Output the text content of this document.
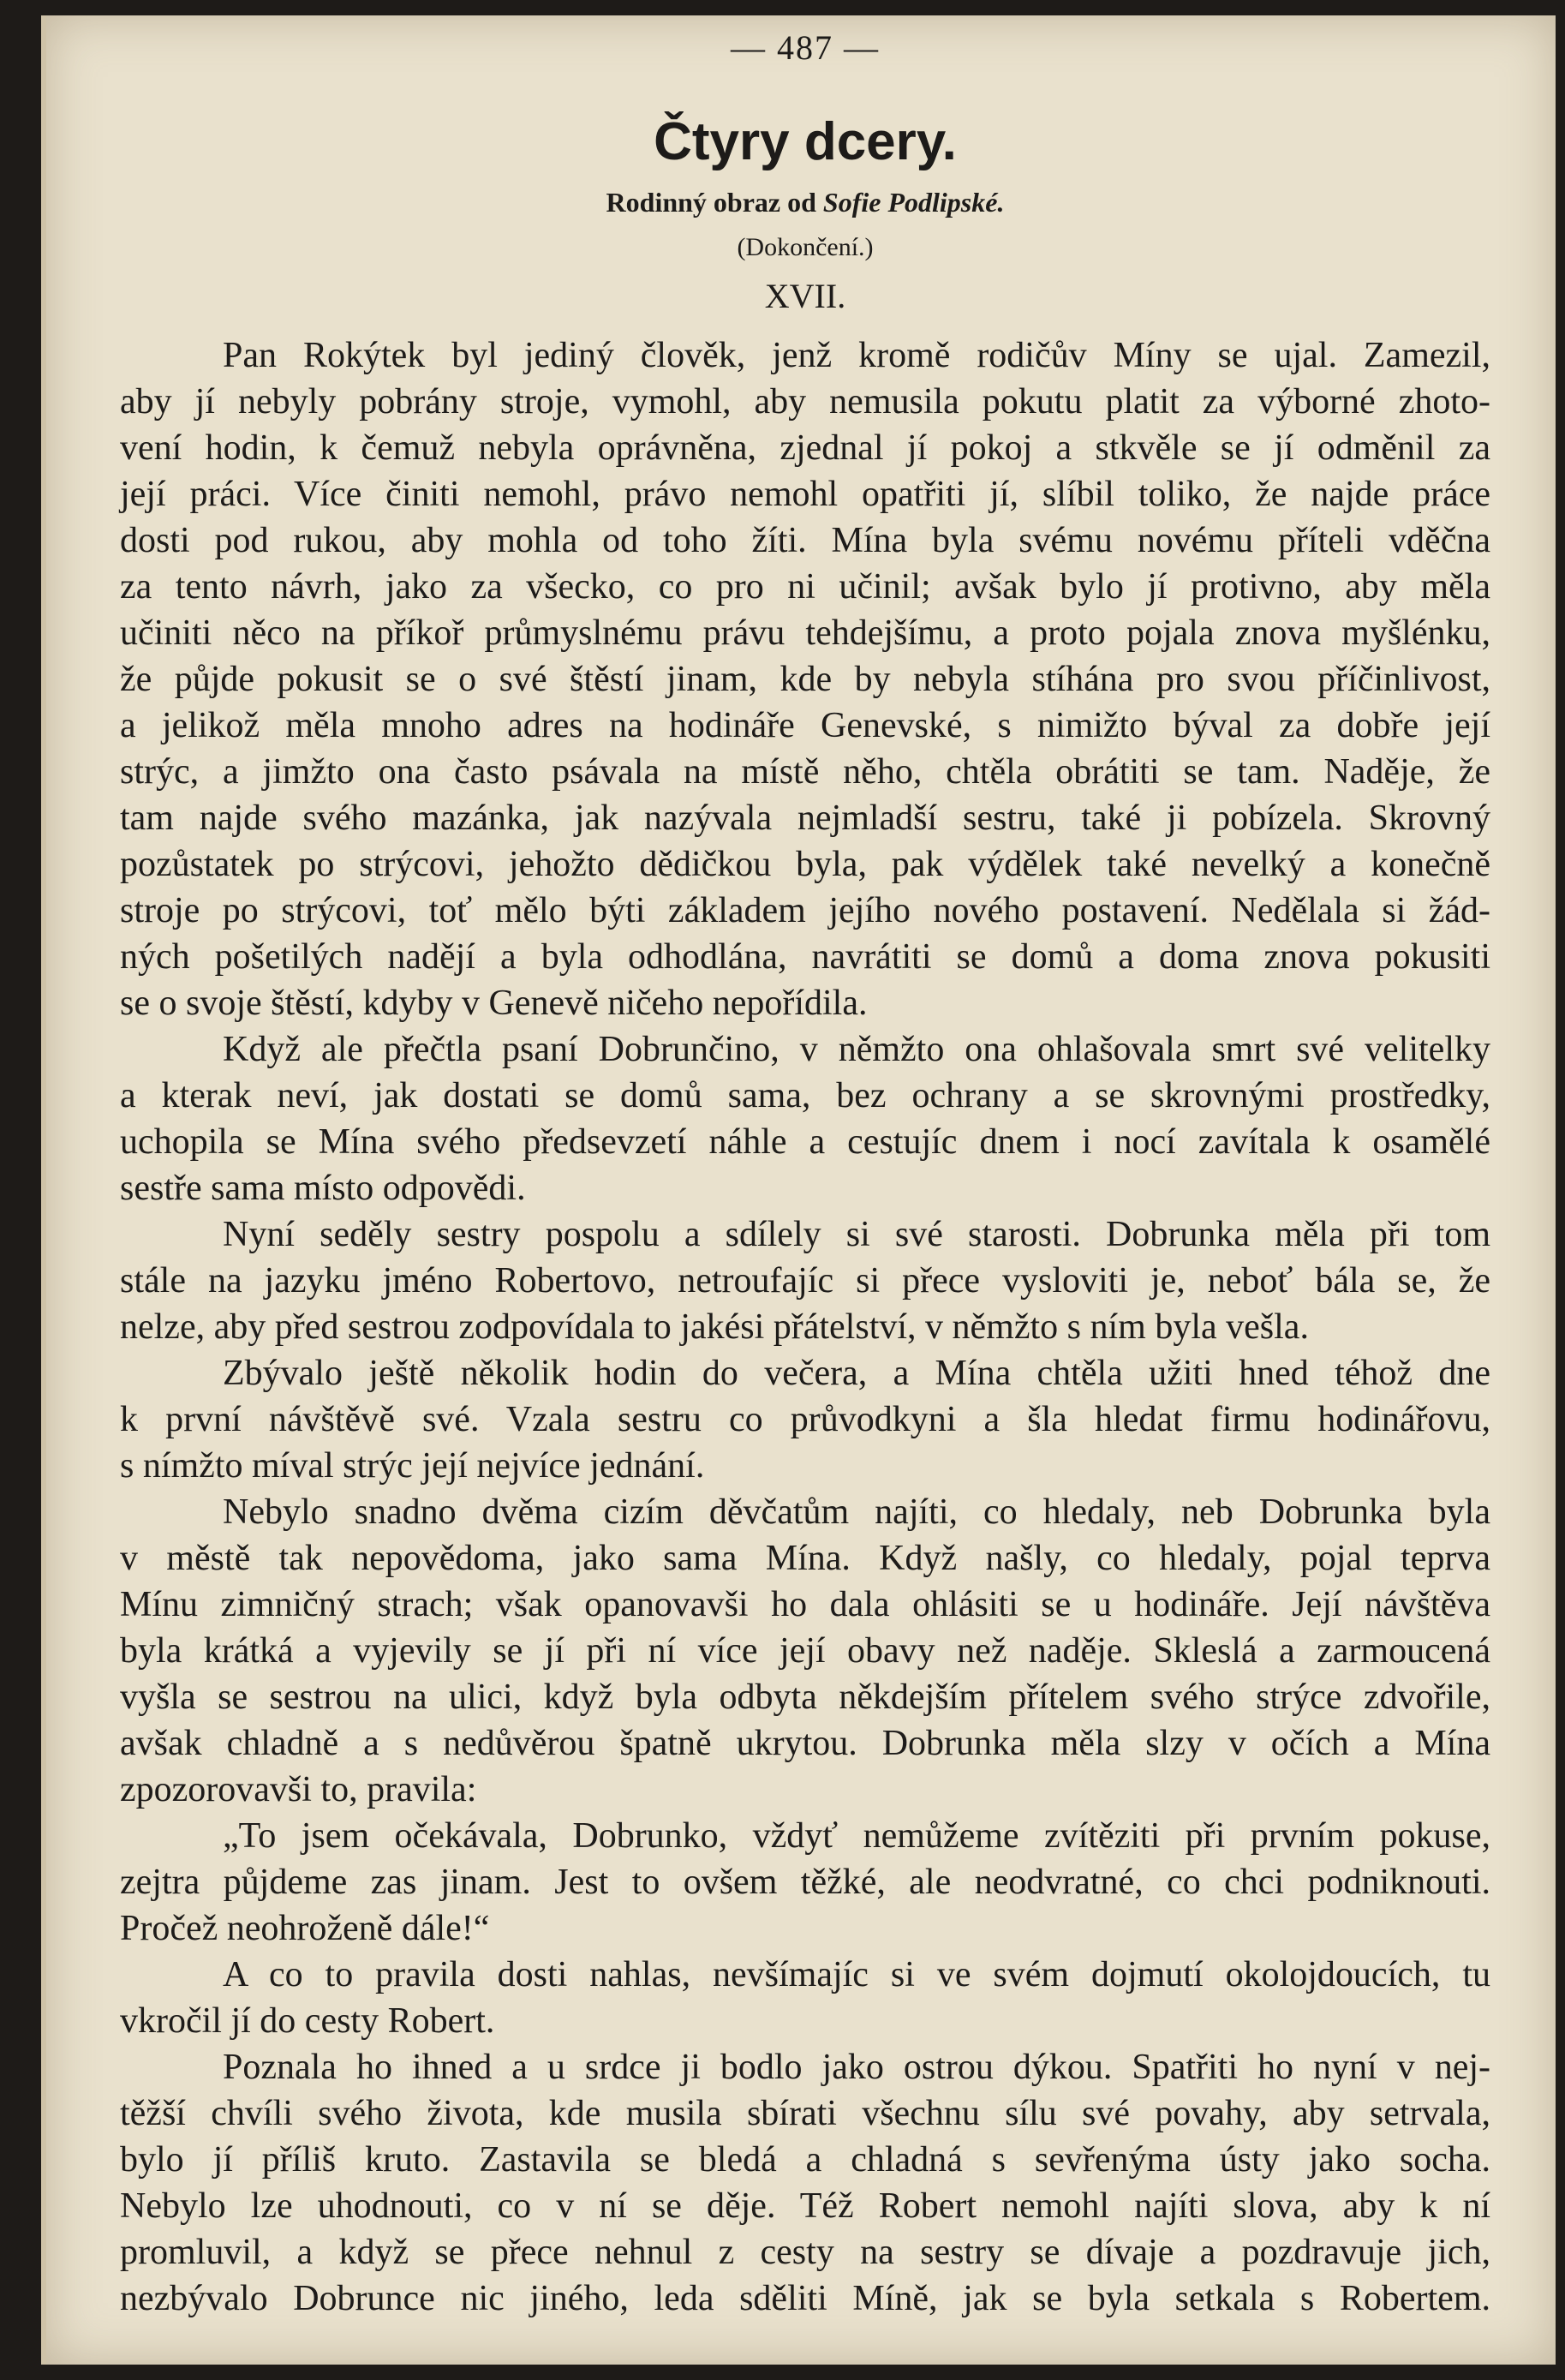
— 487 —
Čtyry dcery.
Rodinný obraz od Sofie Podlipské.
(Dokončení.)
XVII.
Pan Rokýtek byl jediný člověk, jenž kromě rodičův Míny se ujal. Zamezil,
aby jí nebyly pobrány stroje, vymohl, aby nemusila pokutu platit za výborné zhoto-
vení hodin, k čemuž nebyla oprávněna, zjednal jí pokoj a stkvěle se jí odměnil za
její práci. Více činiti nemohl, právo nemohl opatřiti jí, slíbil toliko, že najde práce
dosti pod rukou, aby mohla od toho žíti. Mína byla svému novému příteli vděčna
za tento návrh, jako za všecko, co pro ni učinil; avšak bylo jí protivno, aby měla
učiniti něco na příkoř průmyslnému právu tehdejšímu, a proto pojala znova myšlénku,
že půjde pokusit se o své štěstí jinam, kde by nebyla stíhána pro svou příčinlivost,
a jelikož měla mnoho adres na hodináře Genevské, s nimižto býval za dobře její
strýc, a jimžto ona často psávala na místě něho, chtěla obrátiti se tam. Naděje, že
tam najde svého mazánka, jak nazývala nejmladší sestru, také ji pobízela. Skrovný
pozůstatek po strýcovi, jehožto dědičkou byla, pak výdělek také nevelký a konečně
stroje po strýcovi, toť mělo býti základem jejího nového postavení. Nedělala si žád-
ných pošetilých nadějí a byla odhodlána, navrátiti se domů a doma znova pokusiti
se o svoje štěstí, kdyby v Genevě ničeho nepořídila.
Když ale přečtla psaní Dobrunčino, v němžto ona ohlašovala smrt své velitelky
a kterak neví, jak dostati se domů sama, bez ochrany a se skrovnými prostředky,
uchopila se Mína svého předsevzetí náhle a cestujíc dnem i nocí zavítala k osamělé
sestře sama místo odpovědi.
Nyní seděly sestry pospolu a sdílely si své starosti. Dobrunka měla při tom
stále na jazyku jméno Robertovo, netroufajíc si přece vysloviti je, neboť bála se, že
nelze, aby před sestrou zodpovídala to jakési přátelství, v němžto s ním byla vešla.
Zbývalo ještě několik hodin do večera, a Mína chtěla užiti hned téhož dne
k první návštěvě své. Vzala sestru co průvodkyni a šla hledat firmu hodinářovu,
s nímžto míval strýc její nejvíce jednání.
Nebylo snadno dvěma cizím děvčatům najíti, co hledaly, neb Dobrunka byla
v městě tak nepovědoma, jako sama Mína. Když našly, co hledaly, pojal teprva
Mínu zimničný strach; však opanovavši ho dala ohlásiti se u hodináře. Její návštěva
byla krátká a vyjevily se jí při ní více její obavy než naděje. Skleslá a zarmoucená
vyšla se sestrou na ulici, když byla odbyta někdejším přítelem svého strýce zdvořile,
avšak chladně a s nedůvěrou špatně ukrytou. Dobrunka měla slzy v očích a Mína
zpozorovavši to, pravila:
„To jsem očekávala, Dobrunko, vždyť nemůžeme zvítěziti při prvním pokuse,
zejtra půjdeme zas jinam. Jest to ovšem těžké, ale neodvratné, co chci podniknouti.
Pročež neohroženě dále!“
A co to pravila dosti nahlas, nevšímajíc si ve svém dojmutí okolojdoucích, tu
vkročil jí do cesty Robert.
Poznala ho ihned a u srdce ji bodlo jako ostrou dýkou. Spatřiti ho nyní v nej-
těžší chvíli svého života, kde musila sbírati všechnu sílu své povahy, aby setrvala,
bylo jí příliš kruto. Zastavila se bledá a chladná s sevřenýma ústy jako socha.
Nebylo lze uhodnouti, co v ní se děje. Též Robert nemohl najíti slova, aby k ní
promluvil, a když se přece nehnul z cesty na sestry se dívaje a pozdravuje jich,
nezbývalo Dobrunce nic jiného, leda sděliti Míně, jak se byla setkala s Robertem.
